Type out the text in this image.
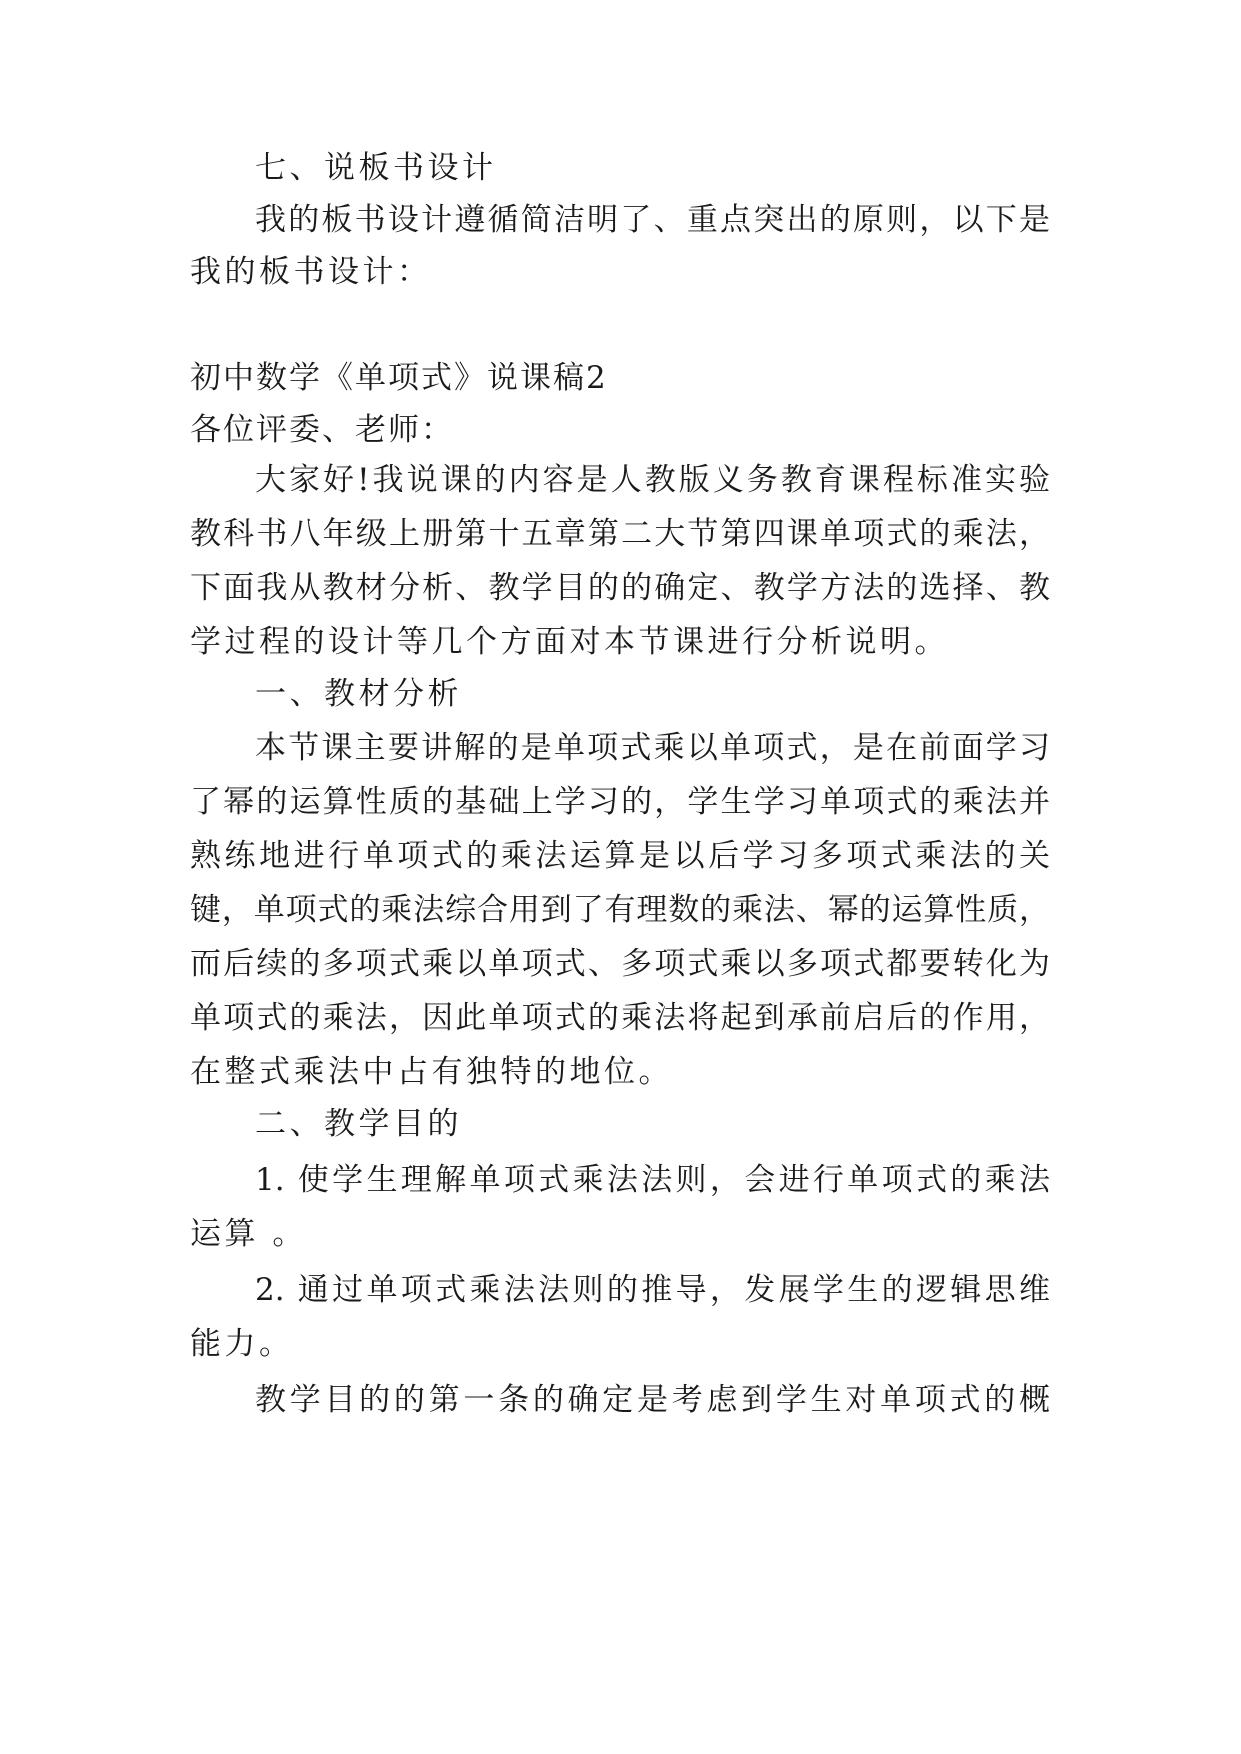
七、说板书设计
我的板书设计遵循简洁明了、重点突出的原则，以下是
我的板书设计：
初中数学《单项式》说课稿2
各位评委、老师：
大家好!我说课的内容是人教版义务教育课程标准实验
教科书八年级上册第十五章第二大节第四课单项式的乘法，
下面我从教材分析、教学目的的确定、教学方法的选择、教
学过程的设计等几个方面对本节课进行分析说明。
一、教材分析
本节课主要讲解的是单项式乘以单项式，是在前面学习
了幂的运算性质的基础上学习的，学生学习单项式的乘法并
熟练地进行单项式的乘法运算是以后学习多项式乘法的关
键，单项式的乘法综合用到了有理数的乘法、幂的运算性质，
而后续的多项式乘以单项式、多项式乘以多项式都要转化为
单项式的乘法，因此单项式的乘法将起到承前启后的作用，
在整式乘法中占有独特的地位。
二、教学目的
1. 使学生理解单项式乘法法则，会进行单项式的乘法
运算 。
2. 通过单项式乘法法则的推导，发展学生的逻辑思维
能力。
教学目的的第一条的确定是考虑到学生对单项式的概
